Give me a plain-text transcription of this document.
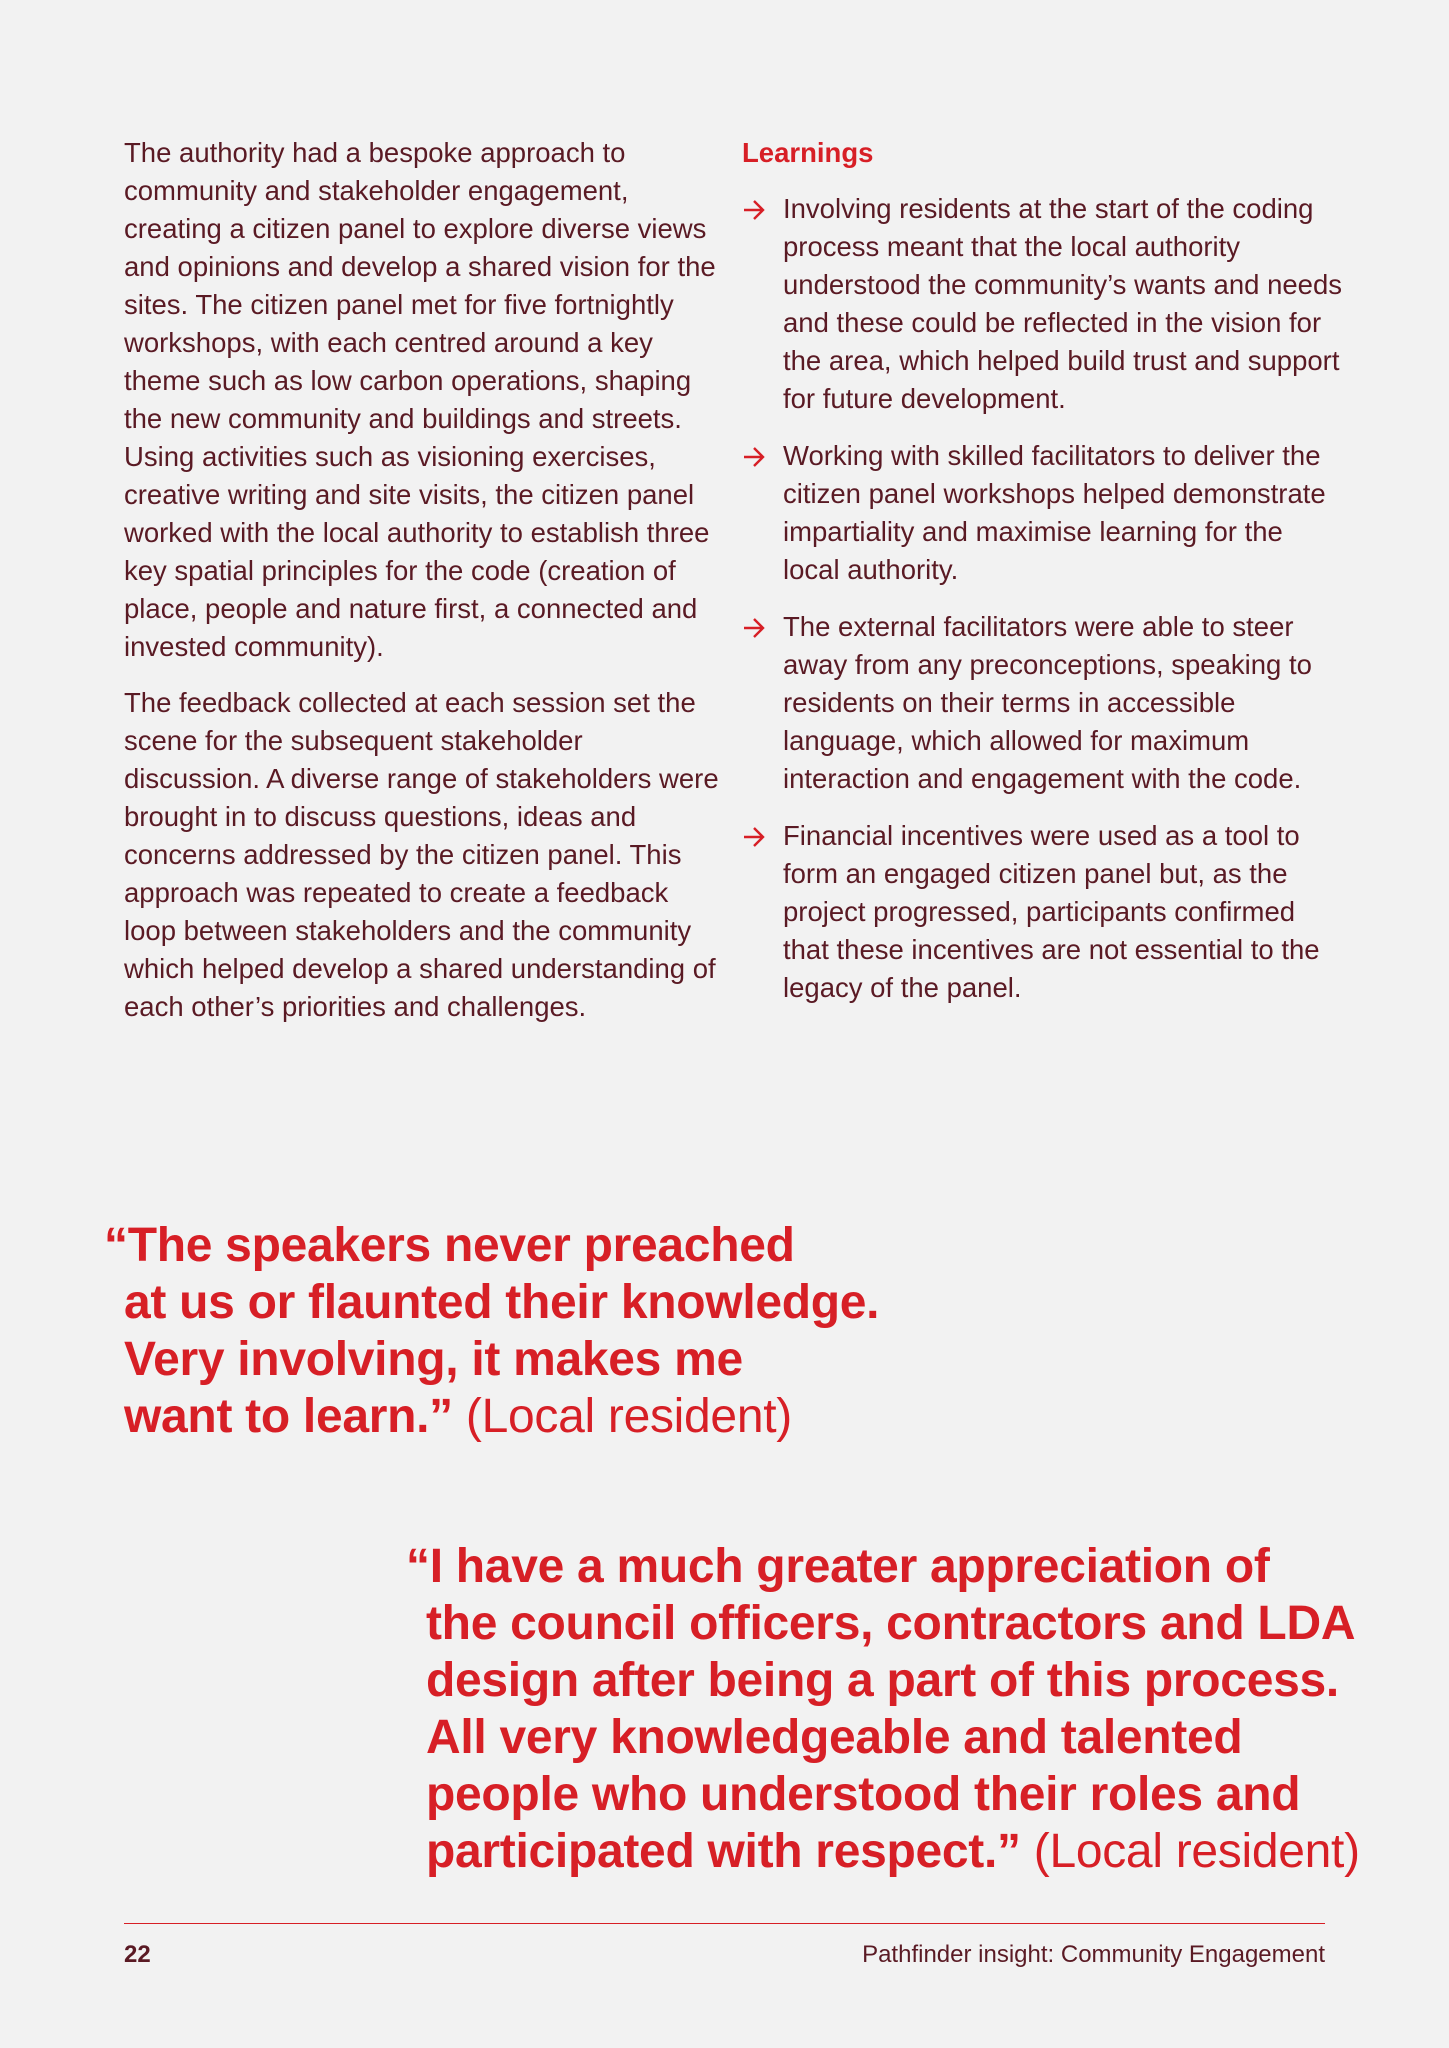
The authority had a bespoke approach to community and stakeholder engagement, creating a citizen panel to explore diverse views and opinions and develop a shared vision for the sites. The citizen panel met for five fortnightly workshops, with each centred around a key theme such as low carbon operations, shaping the new community and buildings and streets. Using activities such as visioning exercises, creative writing and site visits, the citizen panel worked with the local authority to establish three key spatial principles for the code (creation of place, people and nature first, a connected and invested community).

The feedback collected at each session set the scene for the subsequent stakeholder discussion. A diverse range of stakeholders were brought in to discuss questions, ideas and concerns addressed by the citizen panel. This approach was repeated to create a feedback loop between stakeholders and the community which helped develop a shared understanding of each other’s priorities and challenges.

Learnings
Involving residents at the start of the coding process meant that the local authority understood the community’s wants and needs and these could be reflected in the vision for the area, which helped build trust and support for future development.
Working with skilled facilitators to deliver the citizen panel workshops helped demonstrate impartiality and maximise learning for the local authority.
The external facilitators were able to steer away from any preconceptions, speaking to residents on their terms in accessible language, which allowed for maximum interaction and engagement with the code.
Financial incentives were used as a tool to form an engaged citizen panel but, as the project progressed, participants confirmed that these incentives are not essential to the legacy of the panel.
“The speakers never preached
at us or flaunted their knowledge.
Very involving, it makes me
want to learn.” (Local resident)
“I have a much greater appreciation of
the council officers, contractors and LDA
design after being a part of this process.
All very knowledgeable and talented
people who understood their roles and
participated with respect.” (Local resident)
22	Pathfinder insight: Community Engagement
